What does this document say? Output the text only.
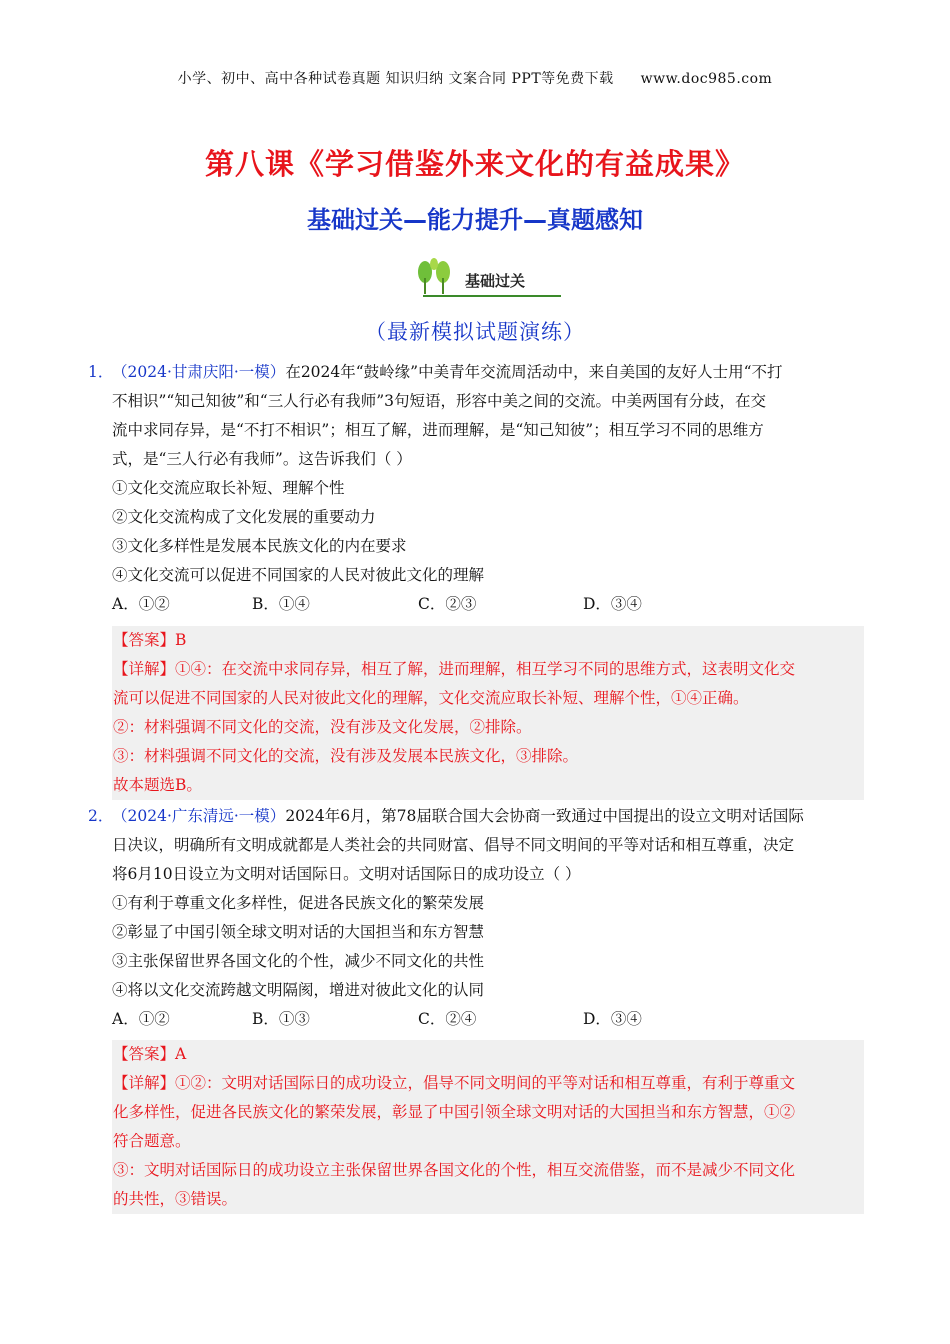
小学、初中、高中各种试卷真题 知识归纳 文案合同 PPT等免费下载 www.doc985.com
第八课《学习借鉴外来文化的有益成果》
基础过关—能力提升—真题感知
基础过关
（最新模拟试题演练）
1．
（2024·甘肃庆阳·一模）在2024年“鼓岭缘”中美青年交流周活动中，来自美国的友好人士用“不打
不相识”“知己知彼”和“三人行必有我师”3句短语，形容中美之间的交流。中美两国有分歧，在交
流中求同存异，是“不打不相识”；相互了解，进而理解，是“知己知彼”；相互学习不同的思维方
式，是“三人行必有我师”。这告诉我们（ ）
①文化交流应取长补短、理解个性
②文化交流构成了文化发展的重要动力
③文化多样性是发展本民族文化的内在要求
④文化交流可以促进不同国家的人民对彼此文化的理解
A．①②	B．①④	C．②③	D．③④
【答案】B
【详解】①④：在交流中求同存异，相互了解，进而理解，相互学习不同的思维方式，这表明文化交
流可以促进不同国家的人民对彼此文化的理解，文化交流应取长补短、理解个性，①④正确。
②：材料强调不同文化的交流，没有涉及文化发展，②排除。
③：材料强调不同文化的交流，没有涉及发展本民族文化，③排除。
故本题选B。
2．
（2024·广东清远·一模）2024年6月，第78届联合国大会协商一致通过中国提出的设立文明对话国际
日决议，明确所有文明成就都是人类社会的共同财富、倡导不同文明间的平等对话和相互尊重，决定
将6月10日设立为文明对话国际日。文明对话国际日的成功设立（ ）
①有利于尊重文化多样性，促进各民族文化的繁荣发展
②彰显了中国引领全球文明对话的大国担当和东方智慧
③主张保留世界各国文化的个性，减少不同文化的共性
④将以文化交流跨越文明隔阂，增进对彼此文化的认同
A．①②	B．①③	C．②④	D．③④
【答案】A
【详解】①②：文明对话国际日的成功设立，倡导不同文明间的平等对话和相互尊重，有利于尊重文
化多样性，促进各民族文化的繁荣发展，彰显了中国引领全球文明对话的大国担当和东方智慧，①②
符合题意。
③：文明对话国际日的成功设立主张保留世界各国文化的个性，相互交流借鉴，而不是减少不同文化
的共性，③错误。
